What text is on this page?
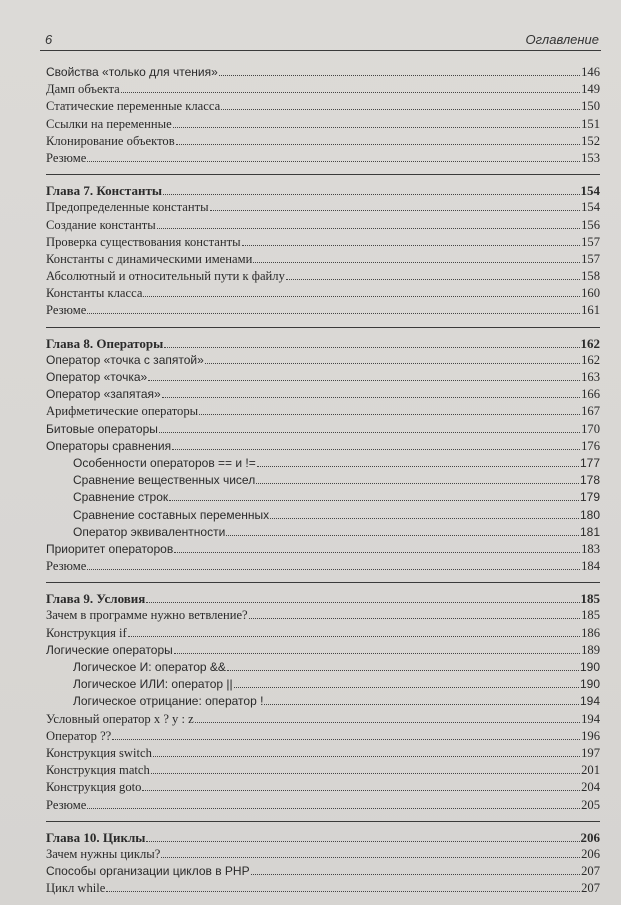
6	Оглавление
Свойства «только для чтения»	146
Дамп объекта	149
Статические переменные класса	150
Ссылки на переменные	151
Клонирование объектов	152
Резюме	153
Глава 7. Константы	154
Предопределенные константы	154
Создание константы	156
Проверка существования константы	157
Константы с динамическими именами	157
Абсолютный и относительный пути к файлу	158
Константы класса	160
Резюме	161
Глава 8. Операторы	162
Оператор «точка с запятой»	162
Оператор «точка»	163
Оператор «запятая»	166
Арифметические операторы	167
Битовые операторы	170
Операторы сравнения	176
Особенности операторов == и !=	177
Сравнение вещественных чисел	178
Сравнение строк	179
Сравнение составных переменных	180
Оператор эквивалентности	181
Приоритет операторов	183
Резюме	184
Глава 9. Условия	185
Зачем в программе нужно ветвление?	185
Конструкция if	186
Логические операторы	189
Логическое И: оператор &&	190
Логическое ИЛИ: оператор ||	190
Логическое отрицание: оператор !	194
Условный оператор x ? y : z	194
Оператор ??	196
Конструкция switch	197
Конструкция match	201
Конструкция goto	204
Резюме	205
Глава 10. Циклы	206
Зачем нужны циклы?	206
Способы организации циклов в PHP	207
Цикл while	207
